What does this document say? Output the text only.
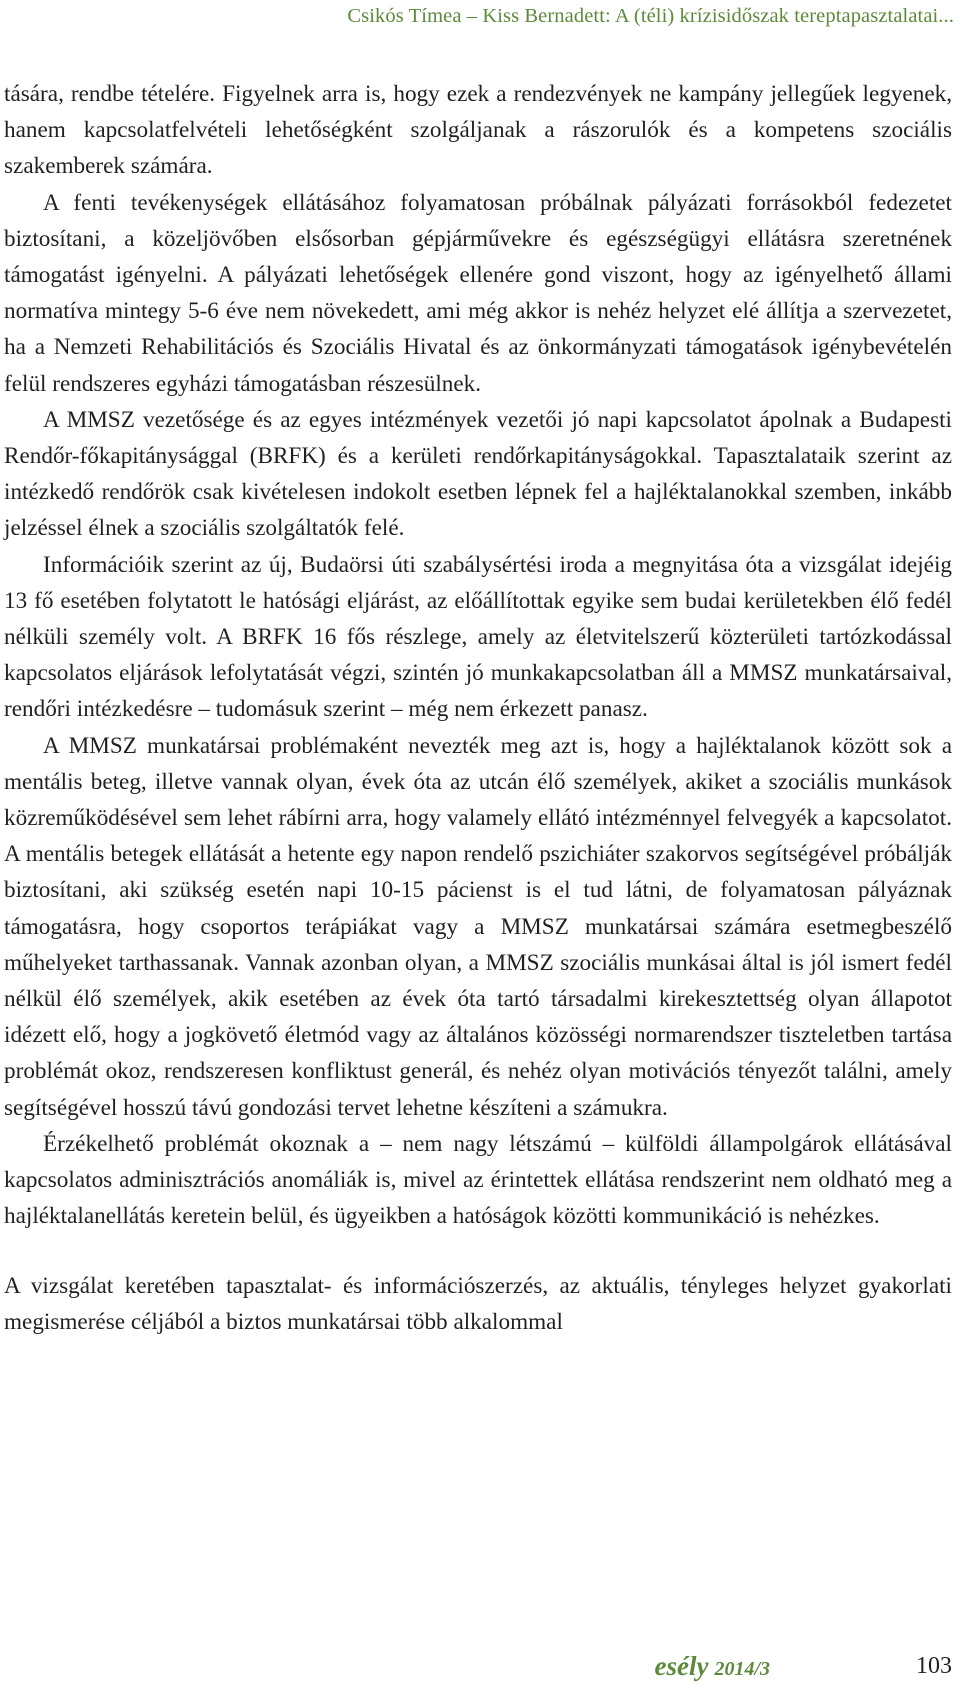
Csikós Tímea – Kiss Bernadett: A (téli) krízisidőszak tereptapasztalatai...

tására, rendbe tételére. Figyelnek arra is, hogy ezek a rendezvények ne kampány jellegűek legyenek, hanem kapcsolatfelvételi lehetőségként szolgáljanak a rászorulók és a kompetens szociális szakemberek számára.

A fenti tevékenységek ellátásához folyamatosan próbálnak pályázati forrásokból fedezetet biztosítani, a közeljövőben elsősorban gépjárművekre és egészségügyi ellátásra szeretnének támogatást igényelni. A pályázati lehetőségek ellenére gond viszont, hogy az igényelhető állami normatíva mintegy 5-6 éve nem növekedett, ami még akkor is nehéz helyzet elé állítja a szervezetet, ha a Nemzeti Rehabilitációs és Szociális Hivatal és az önkormányzati támogatások igénybevételén felül rendszeres egyházi támogatásban részesülnek.

A MMSZ vezetősége és az egyes intézmények vezetői jó napi kapcsolatot ápolnak a Budapesti Rendőr-főkapitánysággal (BRFK) és a kerületi rendőrkapitányságokkal. Tapasztalataik szerint az intézkedő rendőrök csak kivételesen indokolt esetben lépnek fel a hajléktalanokkal szemben, inkább jelzéssel élnek a szociális szolgáltatók felé.

Információik szerint az új, Budaörsi úti szabálysértési iroda a megnyitása óta a vizsgálat idejéig 13 fő esetében folytatott le hatósági eljárást, az előállítottak egyike sem budai kerületekben élő fedél nélküli személy volt. A BRFK 16 fős részlege, amely az életvitelszerű közterületi tartózkodással kapcsolatos eljárások lefolytatását végzi, szintén jó munkakapcsolatban áll a MMSZ munkatársaival, rendőri intézkedésre – tudomásuk szerint – még nem érkezett panasz.

A MMSZ munkatársai problémaként nevezték meg azt is, hogy a hajléktalanok között sok a mentális beteg, illetve vannak olyan, évek óta az utcán élő személyek, akiket a szociális munkások közreműködésével sem lehet rábírni arra, hogy valamely ellátó intézménnyel felvegyék a kapcsolatot. A mentális betegek ellátását a hetente egy napon rendelő pszichiáter szakorvos segítségével próbálják biztosítani, aki szükség esetén napi 10-15 pácienst is el tud látni, de folyamatosan pályáznak támogatásra, hogy csoportos terápiákat vagy a MMSZ munkatársai számára esetmegbeszélő műhelyeket tarthassanak. Vannak azonban olyan, a MMSZ szociális munkásai által is jól ismert fedél nélkül élő személyek, akik esetében az évek óta tartó társadalmi kirekesztettség olyan állapotot idézett elő, hogy a jogkövető életmód vagy az általános közösségi normarendszer tiszteletben tartása problémát okoz, rendszeresen konfliktust generál, és nehéz olyan motivációs tényezőt találni, amely segítségével hosszú távú gondozási tervet lehetne készíteni a számukra.

Érzékelhető problémát okoznak a – nem nagy létszámú – külföldi állampolgárok ellátásával kapcsolatos adminisztrációs anomáliák is, mivel az érintettek ellátása rendszerint nem oldható meg a hajléktalanellátás keretein belül, és ügyeikben a hatóságok közötti kommunikáció is nehézkes.

A vizsgálat keretében tapasztalat- és információszerzés, az aktuális, tényleges helyzet gyakorlati megismerése céljából a biztos munkatársai több alkalommal

esély 2014/3	103
